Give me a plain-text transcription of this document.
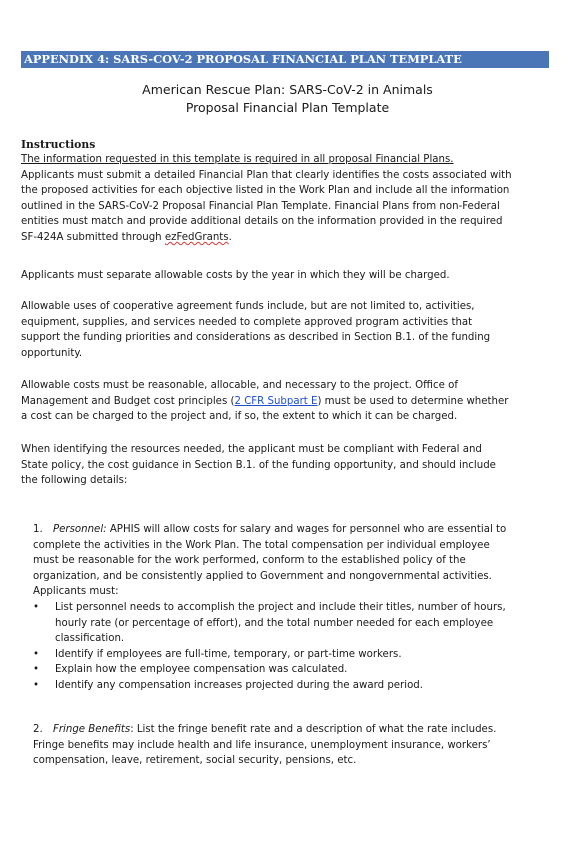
APPENDIX 4: SARS-COV-2 PROPOSAL FINANCIAL PLAN TEMPLATE
American Rescue Plan: SARS-CoV-2 in Animals
Proposal Financial Plan Template
Instructions
The information requested in this template is required in all proposal Financial Plans.
Applicants must submit a detailed Financial Plan that clearly identifies the costs associated with
the proposed activities for each objective listed in the Work Plan and include all the information
outlined in the SARS-CoV-2 Proposal Financial Plan Template. Financial Plans from non-Federal
entities must match and provide additional details on the information provided in the required
SF-424A submitted through ezFedGrants.
Applicants must separate allowable costs by the year in which they will be charged.
Allowable uses of cooperative agreement funds include, but are not limited to, activities,
equipment, supplies, and services needed to complete approved program activities that
support the funding priorities and considerations as described in Section B.1. of the funding
opportunity.
Allowable costs must be reasonable, allocable, and necessary to the project. Office of
Management and Budget cost principles (2 CFR Subpart E) must be used to determine whether
a cost can be charged to the project and, if so, the extent to which it can be charged.
When identifying the resources needed, the applicant must be compliant with Federal and
State policy, the cost guidance in Section B.1. of the funding opportunity, and should include
the following details:
1. Personnel: APHIS will allow costs for salary and wages for personnel who are essential to
complete the activities in the Work Plan. The total compensation per individual employee
must be reasonable for the work performed, conform to the established policy of the
organization, and be consistently applied to Government and nongovernmental activities.
Applicants must:
• List personnel needs to accomplish the project and include their titles, number of hours,
hourly rate (or percentage of effort), and the total number needed for each employee
classification.
• Identify if employees are full-time, temporary, or part-time workers.
• Explain how the employee compensation was calculated.
• Identify any compensation increases projected during the award period.
2. Fringe Benefits: List the fringe benefit rate and a description of what the rate includes.
Fringe benefits may include health and life insurance, unemployment insurance, workers’
compensation, leave, retirement, social security, pensions, etc.
